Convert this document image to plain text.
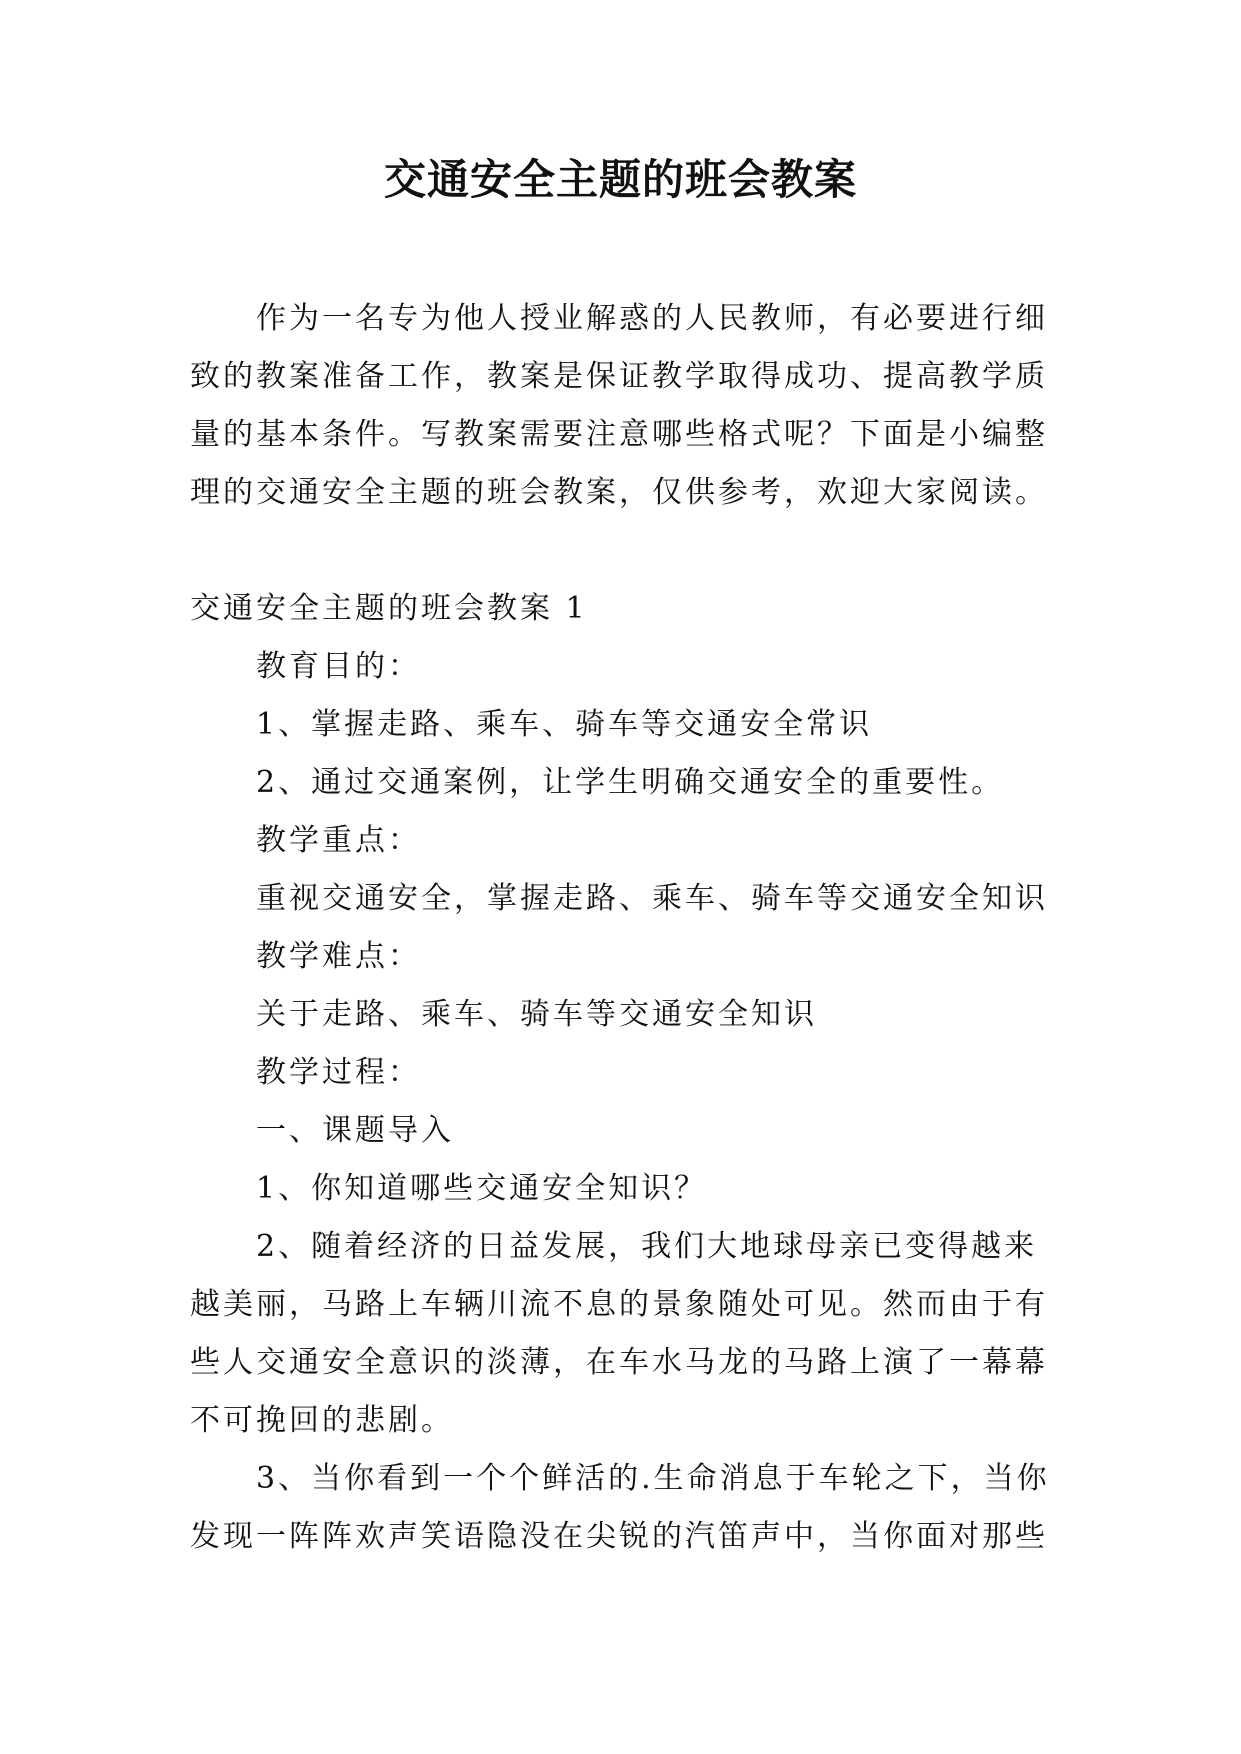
交通安全主题的班会教案

作为一名专为他人授业解惑的人民教师，有必要进行细

致的教案准备工作，教案是保证教学取得成功、提高教学质

量的基本条件。写教案需要注意哪些格式呢？下面是小编整

理的交通安全主题的班会教案，仅供参考，欢迎大家阅读。

交通安全主题的班会教案 1

教育目的：

1、掌握走路、乘车、骑车等交通安全常识

2、通过交通案例，让学生明确交通安全的重要性。

教学重点：

重视交通安全，掌握走路、乘车、骑车等交通安全知识

教学难点：

关于走路、乘车、骑车等交通安全知识

教学过程：

一、课题导入

1、你知道哪些交通安全知识？

2、随着经济的日益发展，我们大地球母亲已变得越来

越美丽，马路上车辆川流不息的景象随处可见。然而由于有

些人交通安全意识的淡薄，在车水马龙的马路上演了一幕幕

不可挽回的悲剧。

3、当你看到一个个鲜活的.生命消息于车轮之下，当你

发现一阵阵欢声笑语隐没在尖锐的汽笛声中，当你面对那些
